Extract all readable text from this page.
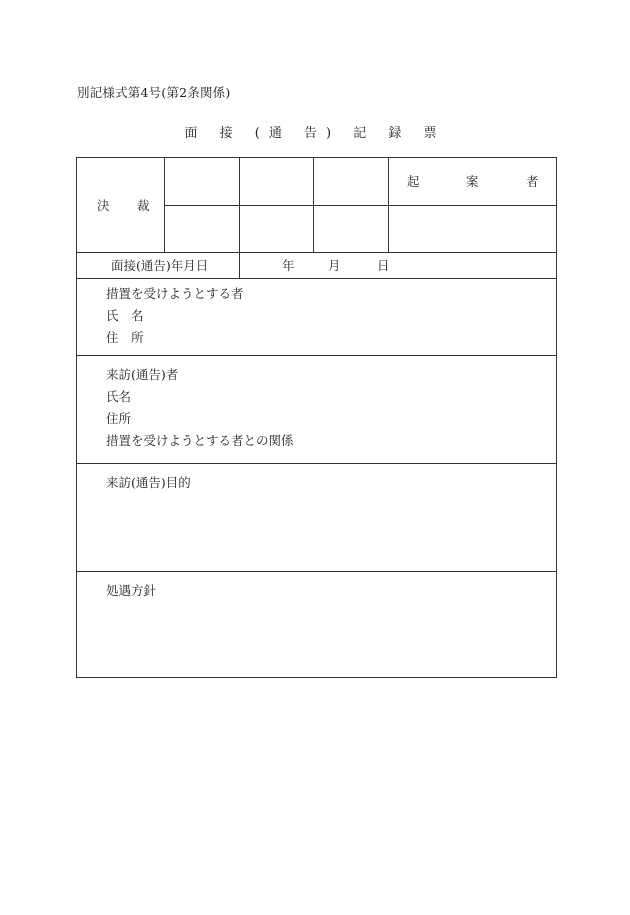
別記様式第4号(第2条関係)
面 接 (通 告) 記 録 票
決 裁
起	案	者
面接(通告)年月日	年	月	日
措置を受けようとする者
氏　名
住　所
来訪(通告)者
氏名
住所
措置を受けようとする者との関係
来訪(通告)目的
処遇方針
